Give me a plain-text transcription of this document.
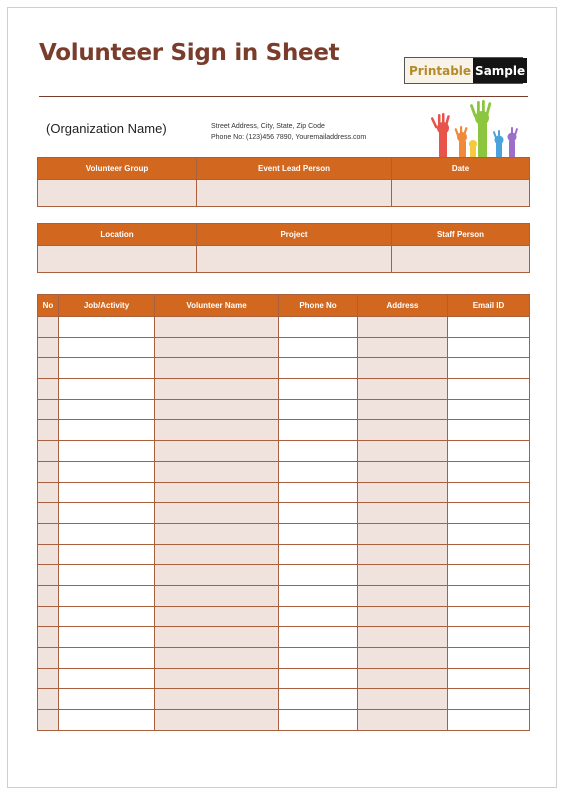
Volunteer Sign in Sheet
Printable Sample
(Organization Name)	Street Address, City, State, Zip Code
Phone No: (123)456 7890, Youremailaddress.com
Volunteer Group	Event Lead Person	Date

Location	Project	Staff Person

No	Job/Activity	Volunteer Name	Phone No	Address	Email ID
